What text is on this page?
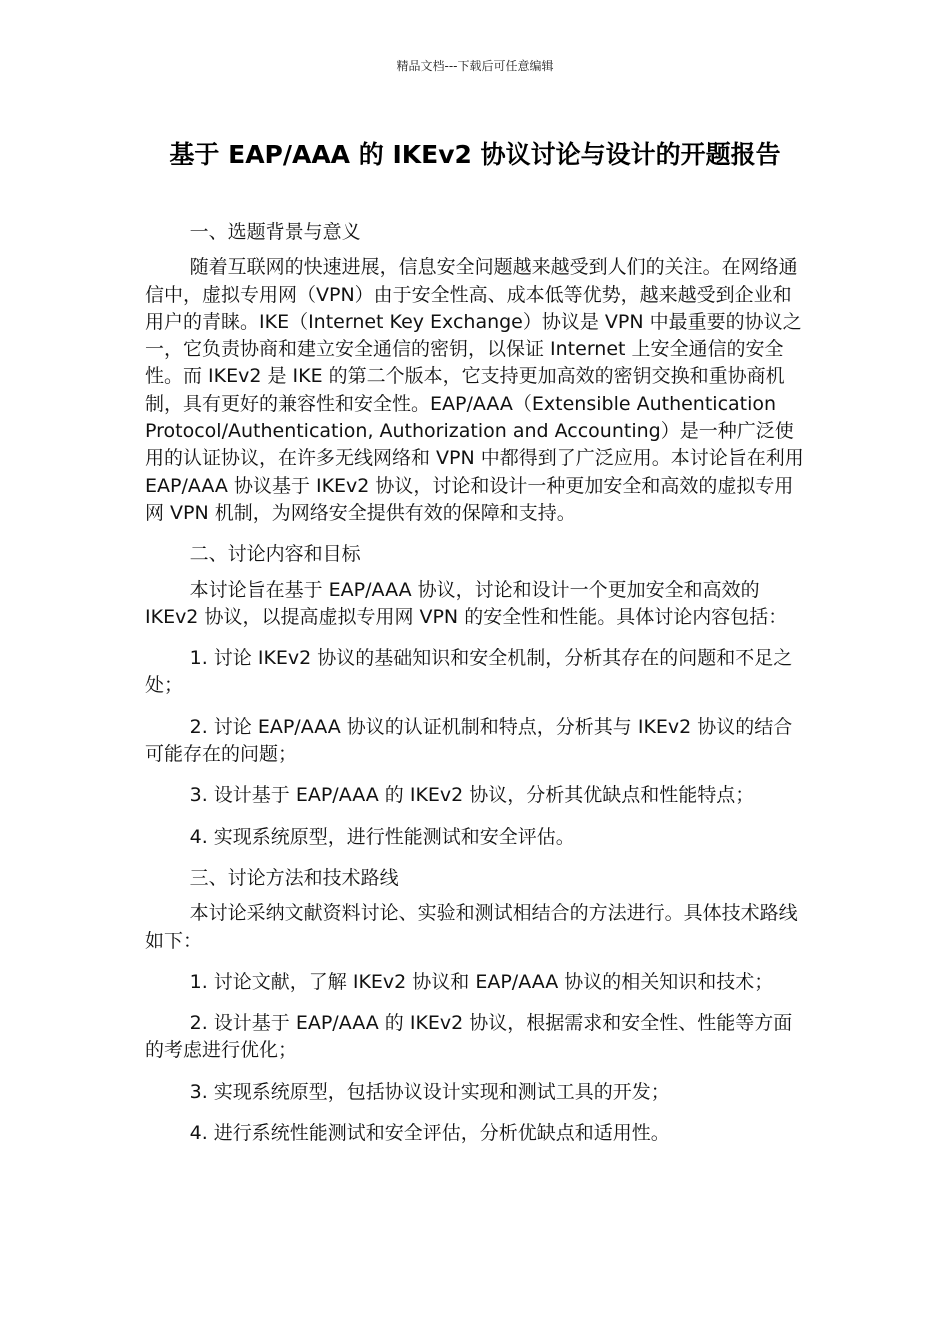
精品文档---下载后可任意编辑
基于 EAP/AAA 的 IKEv2 协议讨论与设计的开题报告

一、选题背景与意义

随着互联网的快速进展，信息安全问题越来越受到人们的关注。在网络通信中，虚拟专用网（VPN）由于安全性高、成本低等优势，越来越受到企业和用户的青睐。IKE（Internet Key Exchange）协议是 VPN 中最重要的协议之一，它负责协商和建立安全通信的密钥，以保证 Internet 上安全通信的安全性。而 IKEv2 是 IKE 的第二个版本，它支持更加高效的密钥交换和重协商机制，具有更好的兼容性和安全性。EAP/AAA（Extensible Authentication Protocol/Authentication, Authorization and Accounting）是一种广泛使用的认证协议，在许多无线网络和 VPN 中都得到了广泛应用。本讨论旨在利用 EAP/AAA 协议基于 IKEv2 协议，讨论和设计一种更加安全和高效的虚拟专用网 VPN 机制，为网络安全提供有效的保障和支持。

二、讨论内容和目标

本讨论旨在基于 EAP/AAA 协议，讨论和设计一个更加安全和高效的 IKEv2 协议，以提高虚拟专用网 VPN 的安全性和性能。具体讨论内容包括：

1. 讨论 IKEv2 协议的基础知识和安全机制，分析其存在的问题和不足之处；

2. 讨论 EAP/AAA 协议的认证机制和特点，分析其与 IKEv2 协议的结合可能存在的问题；

3. 设计基于 EAP/AAA 的 IKEv2 协议，分析其优缺点和性能特点；

4. 实现系统原型，进行性能测试和安全评估。

三、讨论方法和技术路线

本讨论采纳文献资料讨论、实验和测试相结合的方法进行。具体技术路线如下：

1. 讨论文献，了解 IKEv2 协议和 EAP/AAA 协议的相关知识和技术；

2. 设计基于 EAP/AAA 的 IKEv2 协议，根据需求和安全性、性能等方面的考虑进行优化；

3. 实现系统原型，包括协议设计实现和测试工具的开发；

4. 进行系统性能测试和安全评估，分析优缺点和适用性。
